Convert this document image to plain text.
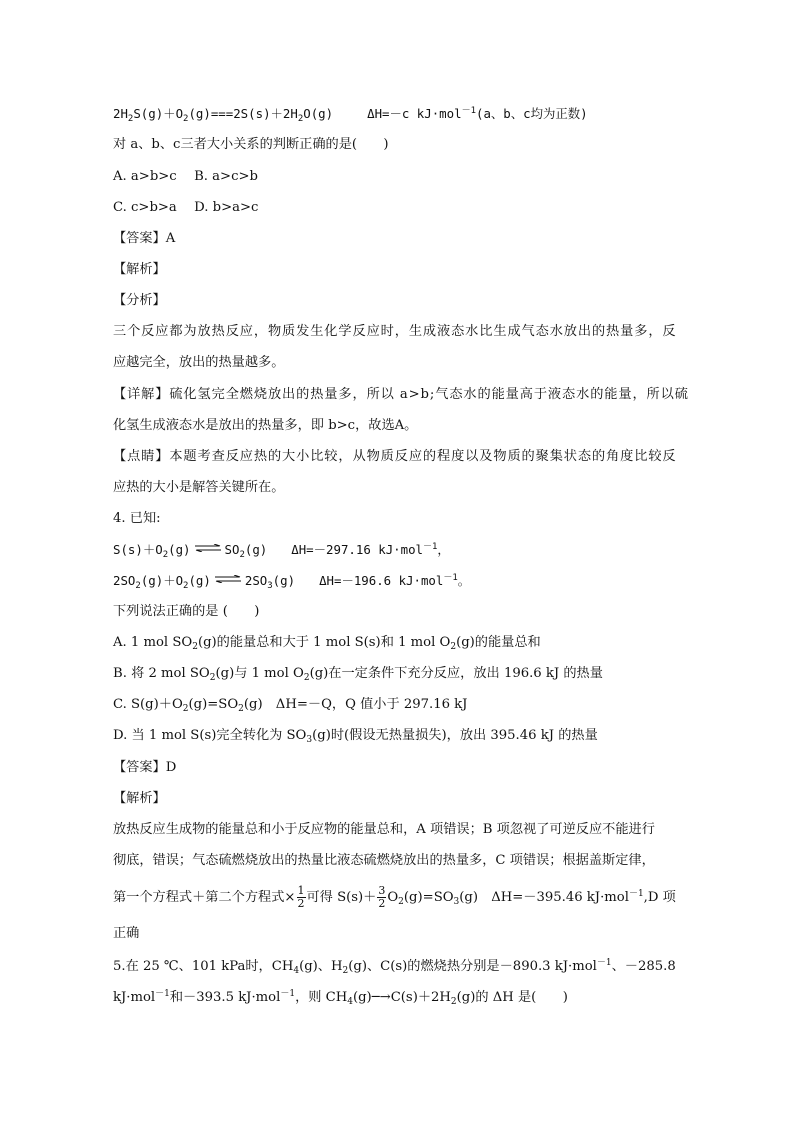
$2H_2S(g)+O_2(g)===2S(s)+2H_2O(g)$	ΔH=－c kJ·mol$^{-1}$(a、b、c均为正数)
对 a、b、c三者大小关系的判断正确的是(　　)
A. a>b>c　 B. a>c>b
C. c>b>a　 D. b>a>c
【答案】A
【解析】
【分析】
三个反应都为放热反应，物质发生化学反应时，生成液态水比生成气态水放出的热量多，反
应越完全，放出的热量越多。
【详解】硫化氢完全燃烧放出的热量多，所以 a>b;气态水的能量高于液态水的能量，所以硫
化氢生成液态水是放出的热量多，即 b>c，故选A。
【点睛】本题考查反应热的大小比较，从物质反应的程度以及物质的聚集状态的角度比较反
应热的大小是解答关键所在。
4. 已知:
$S(s)+O_2(g)$ ⇌ $SO_2(g)$ ΔH=－297.16 kJ·mol$^{-1}$，
$2SO_2(g)+O_2(g)$ ⇌ $2SO_3(g)$ ΔH=－196.6 kJ·mol$^{-1}$。
下列说法正确的是 (　　)
A. 1 mol $SO_2(g)$的能量总和大于 1 mol S(s)和 1 mol $O_2(g)$的能量总和
B. 将 2 mol $SO_2(g)$与 1 mol $O_2(g)$在一定条件下充分反应，放出 196.6 kJ 的热量
C. $S(g)+O_2(g)=SO_2(g)$　ΔH=－Q，Q 值小于 297.16 kJ
D. 当 1 mol S(s)完全转化为 $SO_3(g)$时(假设无热量损失)，放出 395.46 kJ 的热量
【答案】D
【解析】
放热反应生成物的能量总和小于反应物的能量总和，A 项错误；B 项忽视了可逆反应不能进行
彻底，错误；气态硫燃烧放出的热量比液态硫燃烧放出的热量多，C 项错误；根据盖斯定律，
第一个方程式＋第二个方程式× $\frac{1}{2}$ 可得 $S(s)+ \frac{3}{2} O_2(g)=SO_3(g)$　ΔH=－395.46 kJ·mol$^{-1}$,D 项
正确
5.在 25 ℃、101 kPa时，$CH_4(g)$、$H_2(g)$、C(s)的燃烧热分别是－890.3 kJ·mol$^{-1}$、－285.8
kJ·mol$^{-1}$和－393.5 kJ·mol$^{-1}$，则 $CH_4(g)─\to C(s)+2H_2(g)$的 ΔH 是(　　)
